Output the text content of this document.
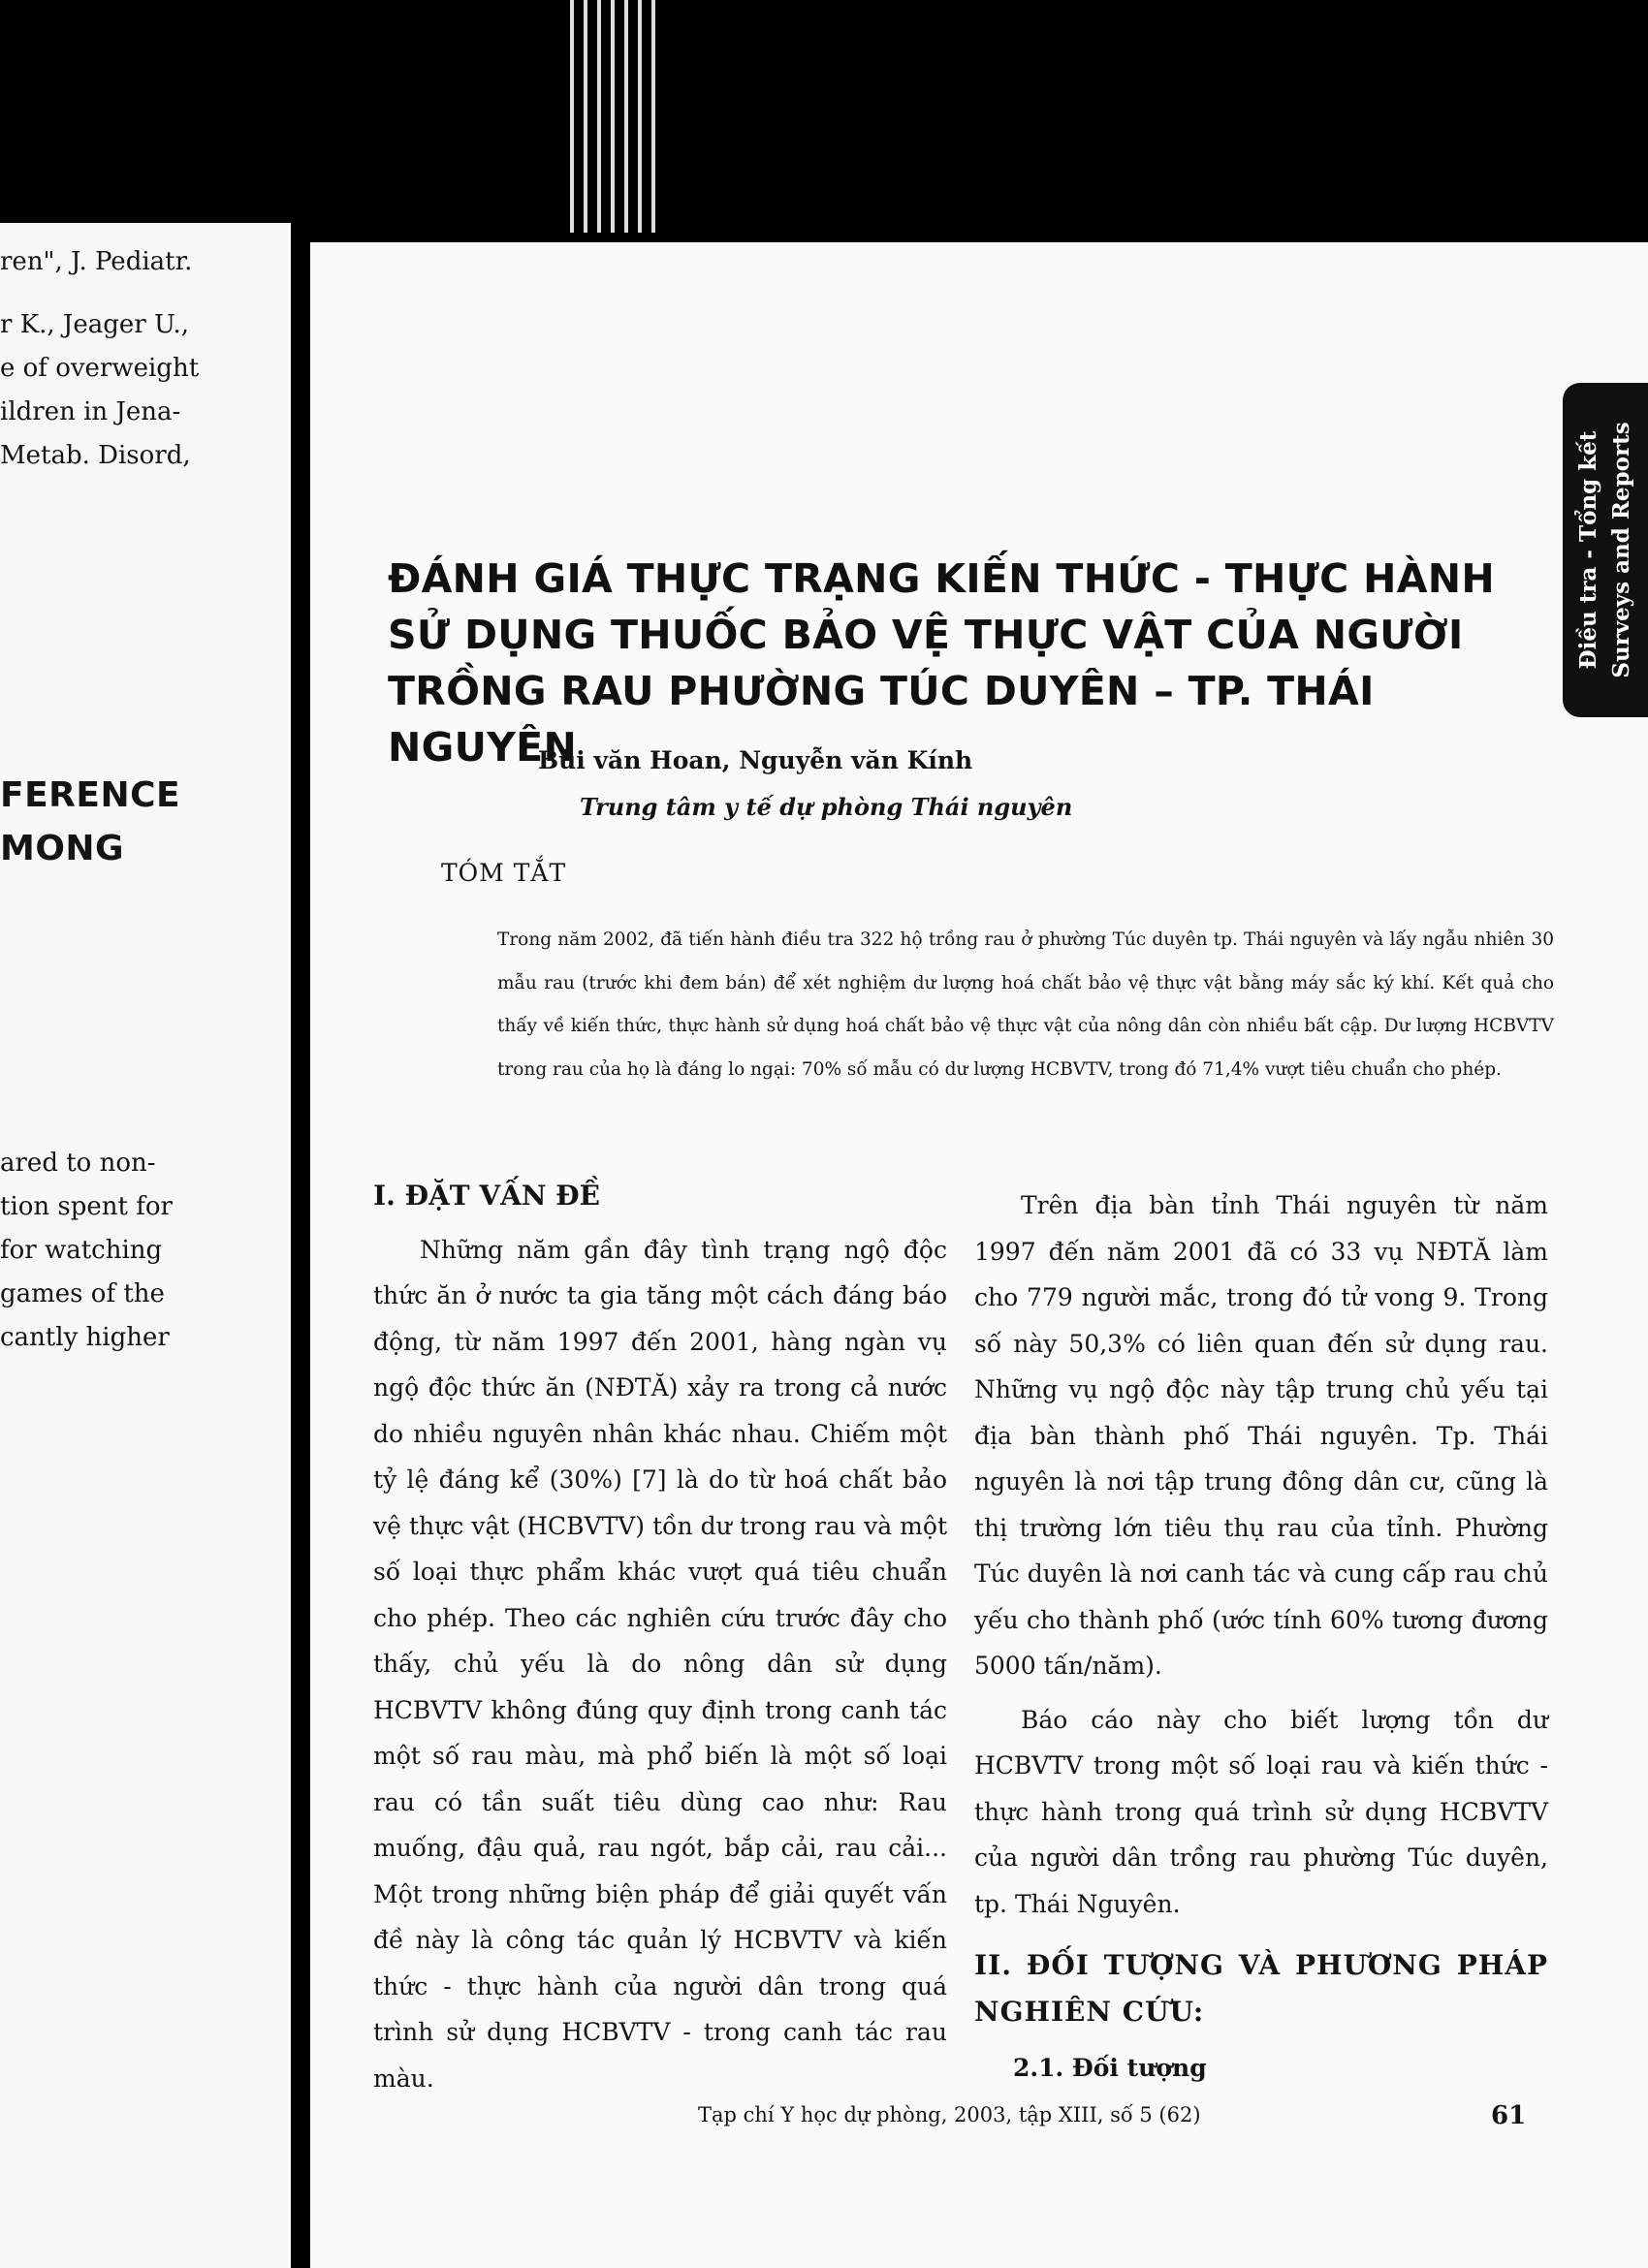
ren", J. Pediatr.
r K., Jeager U.,
e of overweight
ildren in Jena-
Metab. Disord,
ared to non-
tion spent for
for watching
games of the
cantly higher
FERENCE
MONG
Điều tra - Tổng kết Surveys and Reports
ĐÁNH GIÁ THỰC TRẠNG KIẾN THỨC - THỰC HÀNH
SỬ DỤNG THUỐC BẢO VỆ THỰC VẬT CỦA NGƯỜI
TRỒNG RAU PHƯỜNG TÚC DUYÊN – TP. THÁI NGUYÊN
Bùi văn Hoan, Nguyễn văn Kính
Trung tâm y tế dự phòng Thái nguyên
TÓM TẮT
Trong năm 2002, đã tiến hành điều tra 322 hộ trồng rau ở phường Túc duyên tp. Thái nguyên và lấy ngẫu nhiên 30 mẫu rau (trước khi đem bán) để xét nghiệm dư lượng hoá chất bảo vệ thực vật bằng máy sắc ký khí. Kết quả cho thấy về kiến thức, thực hành sử dụng hoá chất bảo vệ thực vật của nông dân còn nhiều bất cập. Dư lượng HCBVTV trong rau của họ là đáng lo ngại: 70% số mẫu có dư lượng HCBVTV, trong đó 71,4% vượt tiêu chuẩn cho phép.
I. ĐẶT VẤN ĐỀ

Những năm gần đây tình trạng ngộ độc thức ăn ở nước ta gia tăng một cách đáng báo động, từ năm 1997 đến 2001, hàng ngàn vụ ngộ độc thức ăn (NĐTĂ) xảy ra trong cả nước do nhiều nguyên nhân khác nhau. Chiếm một tỷ lệ đáng kể (30%) [7] là do từ hoá chất bảo vệ thực vật (HCBVTV) tồn dư trong rau và một số loại thực phẩm khác vượt quá tiêu chuẩn cho phép. Theo các nghiên cứu trước đây cho thấy, chủ yếu là do nông dân sử dụng HCBVTV không đúng quy định trong canh tác một số rau màu, mà phổ biến là một số loại rau có tần suất tiêu dùng cao như: Rau muống, đậu quả, rau ngót, bắp cải, rau cải... Một trong những biện pháp để giải quyết vấn đề này là công tác quản lý HCBVTV và kiến thức - thực hành của người dân trong quá trình sử dụng HCBVTV - trong canh tác rau màu.

Trên địa bàn tỉnh Thái nguyên từ năm 1997 đến năm 2001 đã có 33 vụ NĐTĂ làm cho 779 người mắc, trong đó tử vong 9. Trong số này 50,3% có liên quan đến sử dụng rau. Những vụ ngộ độc này tập trung chủ yếu tại địa bàn thành phố Thái nguyên. Tp. Thái nguyên là nơi tập trung đông dân cư, cũng là thị trường lớn tiêu thụ rau của tỉnh. Phường Túc duyên là nơi canh tác và cung cấp rau chủ yếu cho thành phố (ước tính 60% tương đương 5000 tấn/năm).

Báo cáo này cho biết lượng tồn dư HCBVTV trong một số loại rau và kiến thức - thực hành trong quá trình sử dụng HCBVTV của người dân trồng rau phường Túc duyên, tp. Thái Nguyên.

II. ĐỐI TƯỢNG VÀ PHƯƠNG PHÁP NGHIÊN CỨU:
2.1. Đối tượng
Tạp chí Y học dự phòng, 2003, tập XIII, số 5 (62)	61
